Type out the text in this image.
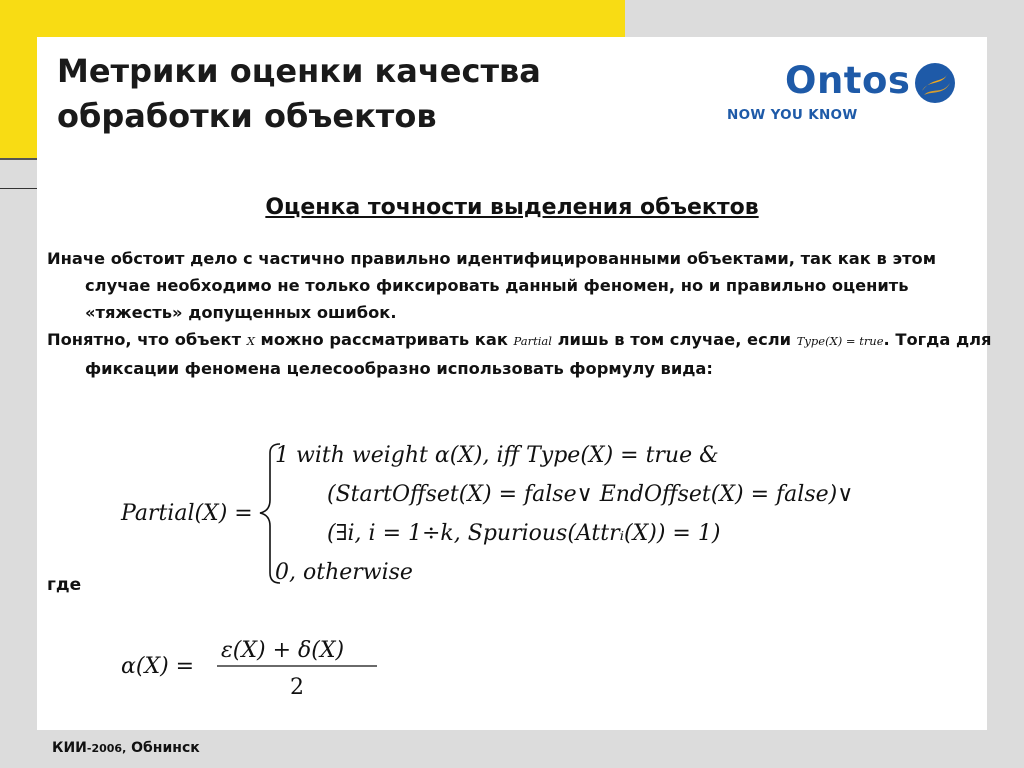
Метрики оценки качества обработки объектов
Ontos
NOW YOU KNOW
Оценка точности выделения объектов

Иначе обстоит дело с частично правильно идентифицированными объектами, так как в этом случае необходимо не только фиксировать данный феномен, но и правильно оценить «тяжесть» допущенных ошибок.

Понятно, что объект X можно рассматривать как Partial лишь в том случае, если Type(X) = true. Тогда для фиксации феномена целесообразно использовать формулу вида:

Partial(X) =
1 with weight α(X), iff Type(X) = true &
(StartOffset(X) = false∨ EndOffset(X) = false)∨
(∃i, i = 1÷k, Spurious(Attrᵢ(X)) = 1)
0, otherwise
α(X) =
ε(X) + δ(X)
2

где

КИИ-2006, Обнинск
